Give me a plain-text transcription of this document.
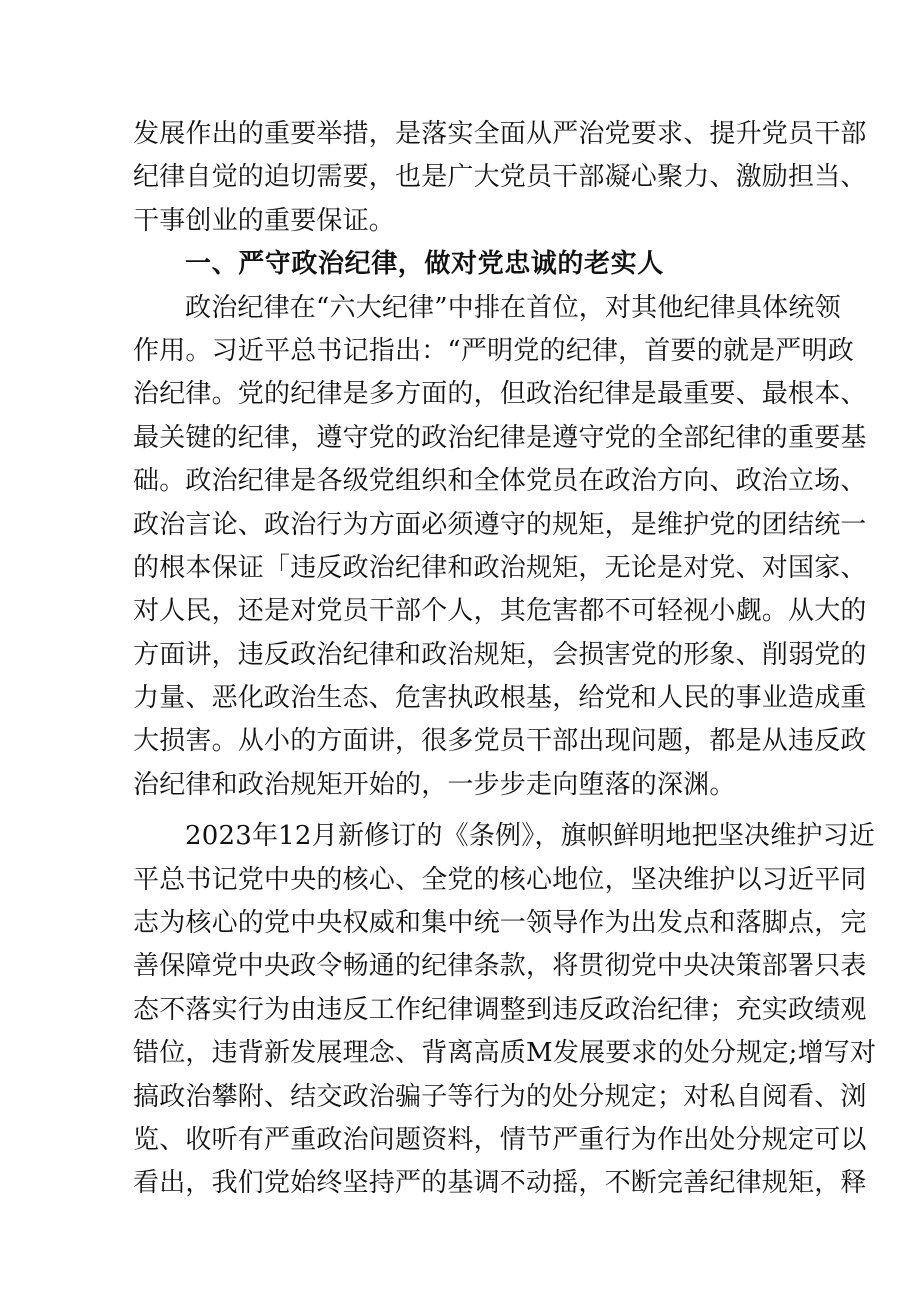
发展作出的重要举措，是落实全面从严治党要求、提升党员干部

纪律自觉的迫切需要，也是广大党员干部凝心聚力、激励担当、

干事创业的重要保证。

一、严守政治纪律，做对党忠诚的老实人

政治纪律在“六大纪律”中排在首位，对其他纪律具体统领

作用。习近平总书记指出：“严明党的纪律，首要的就是严明政

治纪律。党的纪律是多方面的，但政治纪律是最重要、最根本、

最关键的纪律，遵守党的政治纪律是遵守党的全部纪律的重要基

础。政治纪律是各级党组织和全体党员在政治方向、政治立场、

政治言论、政治行为方面必须遵守的规矩，是维护党的团结统一

的根本保证「违反政治纪律和政治规矩，无论是对党、对国家、

对人民，还是对党员干部个人，其危害都不可轻视小觑。从大的

方面讲，违反政治纪律和政治规矩，会损害党的形象、削弱党的

力量、恶化政治生态、危害执政根基，给党和人民的事业造成重

大损害。从小的方面讲，很多党员干部出现问题，都是从违反政

治纪律和政治规矩开始的，一步步走向堕落的深渊。

2023年12月新修订的《条例》，旗帜鲜明地把坚决维护习近

平总书记党中央的核心、全党的核心地位，坚决维护以习近平同

志为核心的党中央权威和集中统一领导作为出发点和落脚点，完

善保障党中央政令畅通的纪律条款，将贯彻党中央决策部署只表

态不落实行为由违反工作纪律调整到违反政治纪律；充实政绩观

错位，违背新发展理念、背离高质M发展要求的处分规定;增写对

搞政治攀附、结交政治骗子等行为的处分规定；对私自阅看、浏

览、收听有严重政治问题资料，情节严重行为作出处分规定可以

看出，我们党始终坚持严的基调不动摇，不断完善纪律规矩，释
